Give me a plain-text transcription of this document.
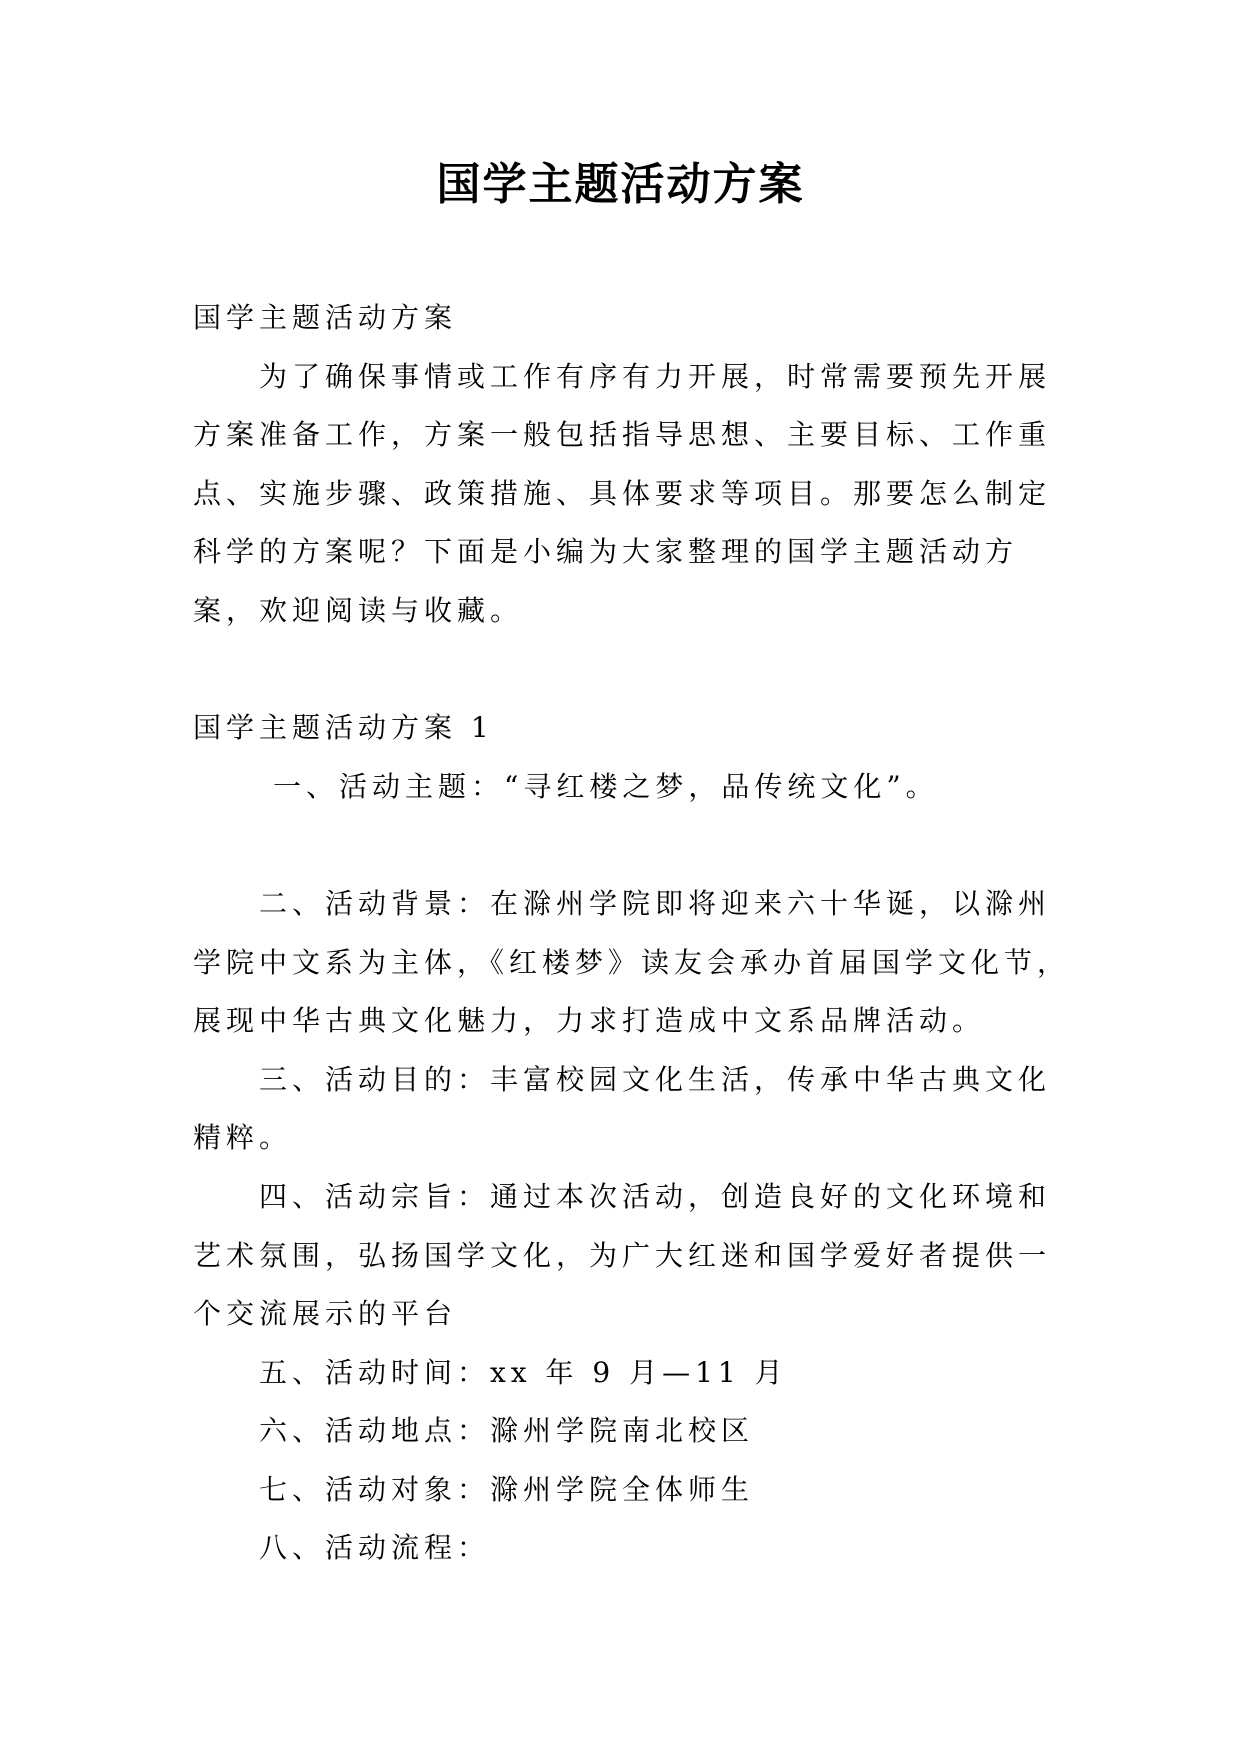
国学主题活动方案
国学主题活动方案
为了确保事情或工作有序有力开展，时常需要预先开展
方案准备工作，方案一般包括指导思想、主要目标、工作重
点、实施步骤、政策措施、具体要求等项目。那要怎么制定
科学的方案呢？下面是小编为大家整理的国学主题活动方
案，欢迎阅读与收藏。
国学主题活动方案 1
一、活动主题：“寻红楼之梦，品传统文化”。
二、活动背景：在滁州学院即将迎来六十华诞，以滁州
学院中文系为主体，《红楼梦》读友会承办首届国学文化节，
展现中华古典文化魅力，力求打造成中文系品牌活动。
三、活动目的：丰富校园文化生活，传承中华古典文化
精粹。
四、活动宗旨：通过本次活动，创造良好的文化环境和
艺术氛围，弘扬国学文化，为广大红迷和国学爱好者提供一
个交流展示的平台
五、活动时间：xx 年 9 月—11 月
六、活动地点：滁州学院南北校区
七、活动对象：滁州学院全体师生
八、活动流程：
